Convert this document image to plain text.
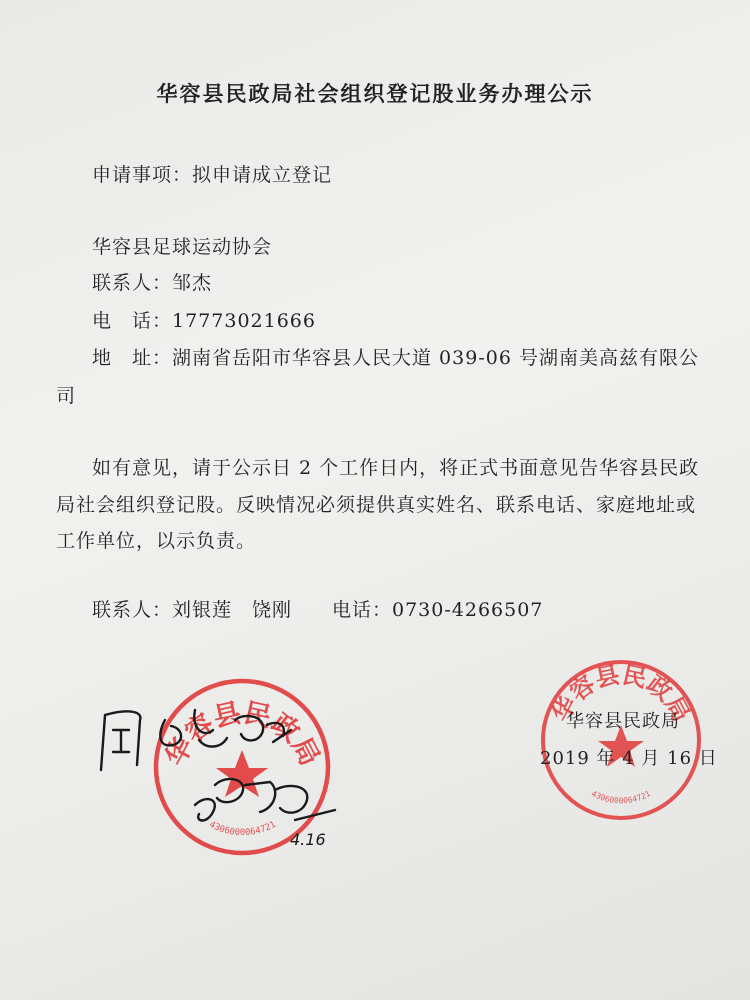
华容县民政局社会组织登记股业务办理公示
申请事项：拟申请成立登记
华容县足球运动协会
联系人：邹杰
电　话：17773021666
地　址：湖南省岳阳市华容县人民大道 039-06 号湖南美高兹有限公
司
如有意见，请于公示日 2 个工作日内，将正式书面意见告华容县民政
局社会组织登记股。反映情况必须提供真实姓名、联系电话、家庭地址或
工作单位，以示负责。
联系人：刘银莲　饶刚　　电话：0730-4266507
华容县民政局
4306000064721
华容县民政局
2019 年 4 月 16 日
华容县民政局
4306000064721
4.16
